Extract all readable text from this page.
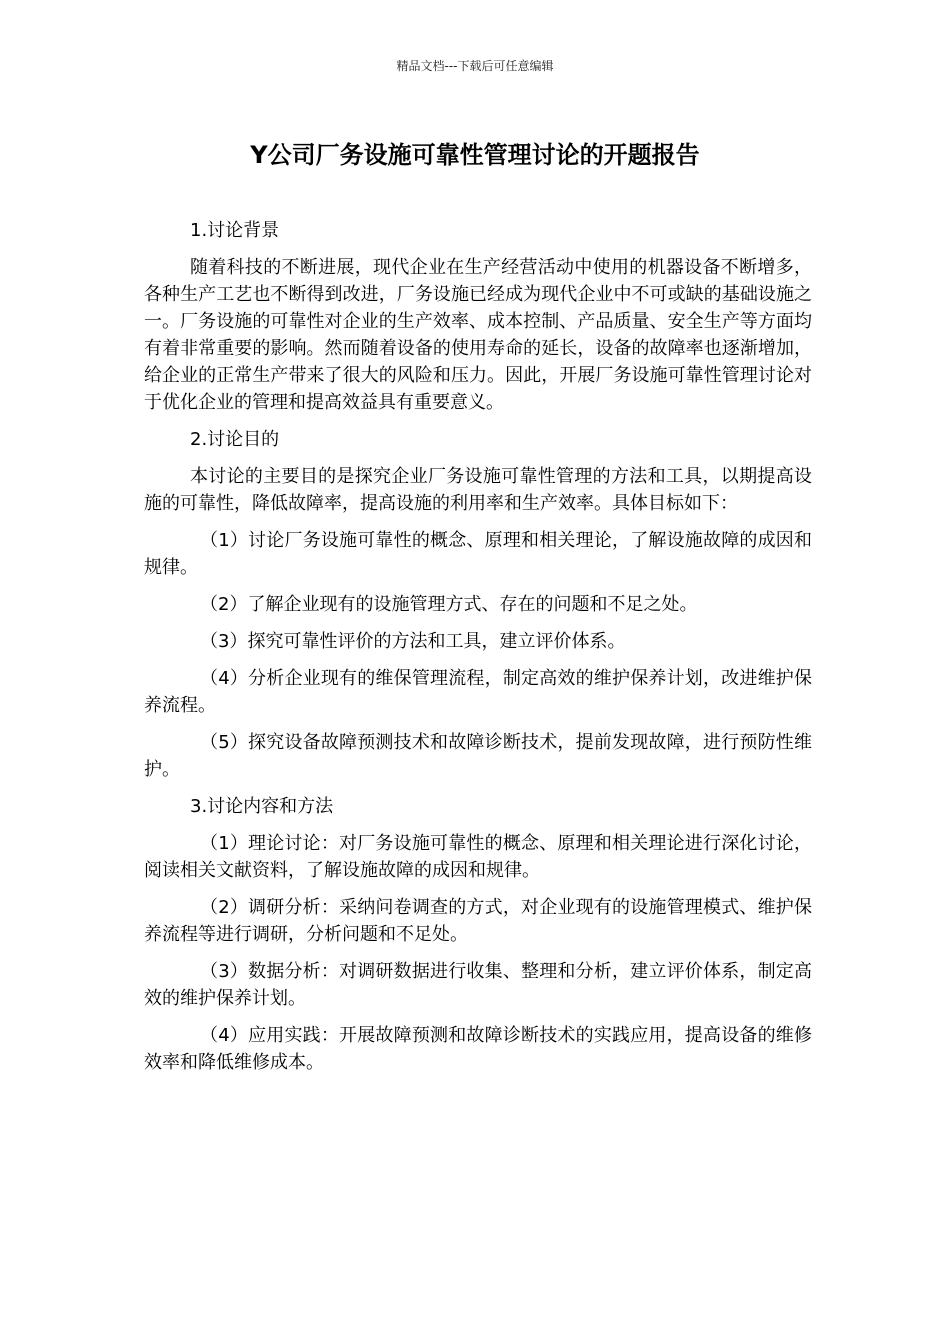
精品文档---下载后可任意编辑
Y公司厂务设施可靠性管理讨论的开题报告

1.讨论背景

随着科技的不断进展，现代企业在生产经营活动中使用的机器设备不断增多，各种生产工艺也不断得到改进，厂务设施已经成为现代企业中不可或缺的基础设施之一。厂务设施的可靠性对企业的生产效率、成本控制、产品质量、安全生产等方面均有着非常重要的影响。然而随着设备的使用寿命的延长，设备的故障率也逐渐增加，给企业的正常生产带来了很大的风险和压力。因此，开展厂务设施可靠性管理讨论对于优化企业的管理和提高效益具有重要意义。

2.讨论目的

本讨论的主要目的是探究企业厂务设施可靠性管理的方法和工具，以期提高设施的可靠性，降低故障率，提高设施的利用率和生产效率。具体目标如下：

（1）讨论厂务设施可靠性的概念、原理和相关理论，了解设施故障的成因和规律。

（2）了解企业现有的设施管理方式、存在的问题和不足之处。

（3）探究可靠性评价的方法和工具，建立评价体系。

（4）分析企业现有的维保管理流程，制定高效的维护保养计划，改进维护保养流程。

（5）探究设备故障预测技术和故障诊断技术，提前发现故障，进行预防性维护。

3.讨论内容和方法

（1）理论讨论：对厂务设施可靠性的概念、原理和相关理论进行深化讨论，阅读相关文献资料，了解设施故障的成因和规律。

（2）调研分析：采纳问卷调查的方式，对企业现有的设施管理模式、维护保养流程等进行调研，分析问题和不足处。

（3）数据分析：对调研数据进行收集、整理和分析，建立评价体系，制定高效的维护保养计划。

（4）应用实践：开展故障预测和故障诊断技术的实践应用，提高设备的维修效率和降低维修成本。
